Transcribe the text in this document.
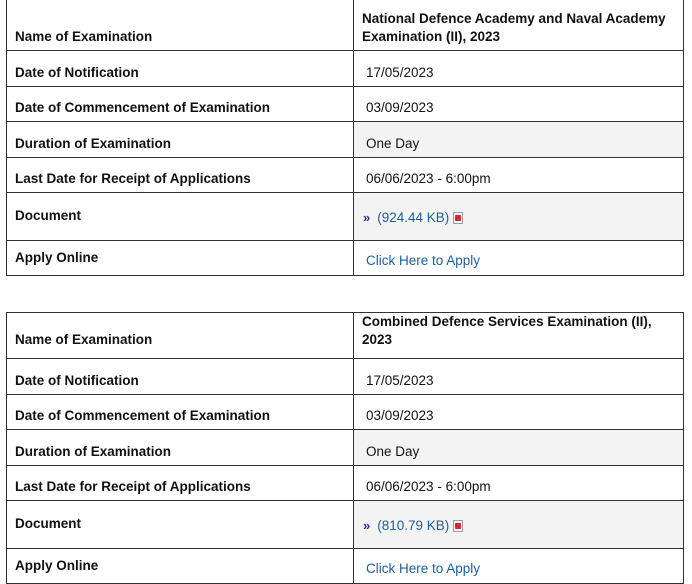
Name of Examination	National Defence Academy and Naval Academy Examination (II), 2023
Date of Notification	17/05/2023
Date of Commencement of Examination	03/09/2023
Duration of Examination	One Day
Last Date for Receipt of Applications	06/06/2023 - 6:00pm
Document	» (924.44 KB)
Apply Online	Click Here to Apply
Name of Examination	Combined Defence Services Examination (II), 2023
Date of Notification	17/05/2023
Date of Commencement of Examination	03/09/2023
Duration of Examination	One Day
Last Date for Receipt of Applications	06/06/2023 - 6:00pm
Document	» (810.79 KB)
Apply Online	Click Here to Apply
